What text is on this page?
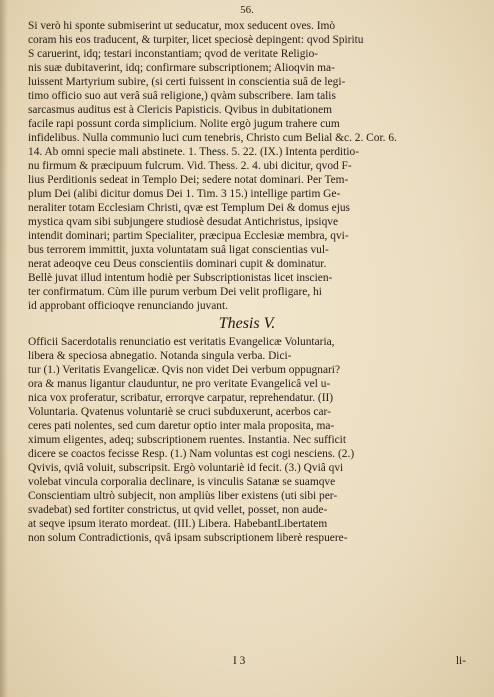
56.
Si verò hi sponte submiserint ut seducatur, mox seducent oves. Imò
coram his eos traducent, & turpiter, licet speciosè depingent: qvod Spiritu
S caruerint, idq; testari inconstantiam; qvod de veritate Religio-
nis suæ dubitaverint, idq; confirmare subscriptionem; Alioqvin ma-
luissent Martyrium subire, (si certi fuissent in conscientia suâ de legi-
timo officio suo aut verâ suâ religione,) qvàm subscribere. Iam talis
sarcasmus auditus est à Clericis Papisticis. Qvibus in dubitationem
facile rapi possunt corda simplicium. Nolite ergò jugum trahere cum
infidelibus. Nulla communio luci cum tenebris, Christo cum Belial &c. 2. Cor. 6.
14. Ab omni specie mali abstinete. 1. Thess. 5. 22. (IX.) Intenta perditio-
nu firmum & præcipuum fulcrum. Vid. Thess. 2. 4. ubi dicitur, qvod F-
lius Perditionis sedeat in Templo Dei; sedere notat dominari. Per Tem-
plum Dei (alibi dicitur domus Dei 1. Tim. 3 15.) intellige partim Ge-
neraliter totam Ecclesiam Christi, qvæ est Templum Dei & domus ejus
mystica qvam sibi subjungere studiosè desudat Antichristus, ipsiqve
intendit dominari; partim Specialiter, præcipua Ecclesiæ membra, qvi-
bus terrorem immittit, juxta voluntatam suâ ligat conscientias vul-
nerat adeoqve ceu Deus conscientiis dominari cupit & dominatur.
Bellè juvat illud intentum hodiè per Subscriptionistas licet inscien-
ter confirmatum. Cùm ille purum verbum Dei velit profligare, hi
id approbant officioqve renunciando juvant.
Thesis V.
Officii Sacerdotalis renunciatio est veritatis Evangelicæ Voluntaria,
libera & speciosa abnegatio. Notanda singula verba. Dici-
tur (1.) Veritatis Evangelicæ. Qvis non videt Dei verbum oppugnari?
ora & manus ligantur clauduntur, ne pro veritate Evangelicâ vel u-
nica vox proferatur, scribatur, errorqve carpatur, reprehendatur. (II)
Voluntaria. Qvatenus voluntariè se cruci subduxerunt, acerbos car-
ceres pati nolentes, sed cum daretur optio inter mala proposita, ma-
ximum eligentes, adeq; subscriptionem ruentes. Instantia. Nec sufficit
dicere se coactos fecisse Resp. (1.) Nam voluntas est cogi nesciens. (2.)
Qvivis, qviâ voluit, subscripsit. Ergò voluntariè id fecit. (3.) Qviâ qvi
volebat vincula corporalia declinare, is vinculis Satanæ se suamqve
Conscientiam ultrò subjecit, non ampliùs liber existens (uti sibi per-
svadebat) sed fortiter constrictus, ut qvid vellet, posset, non aude-
at seqve ipsum iterato mordeat. (III.) Libera. HabebantLibertatem
non solum Contradictionis, qvâ ipsam subscriptionem liberè respuere-
I 3	li-
